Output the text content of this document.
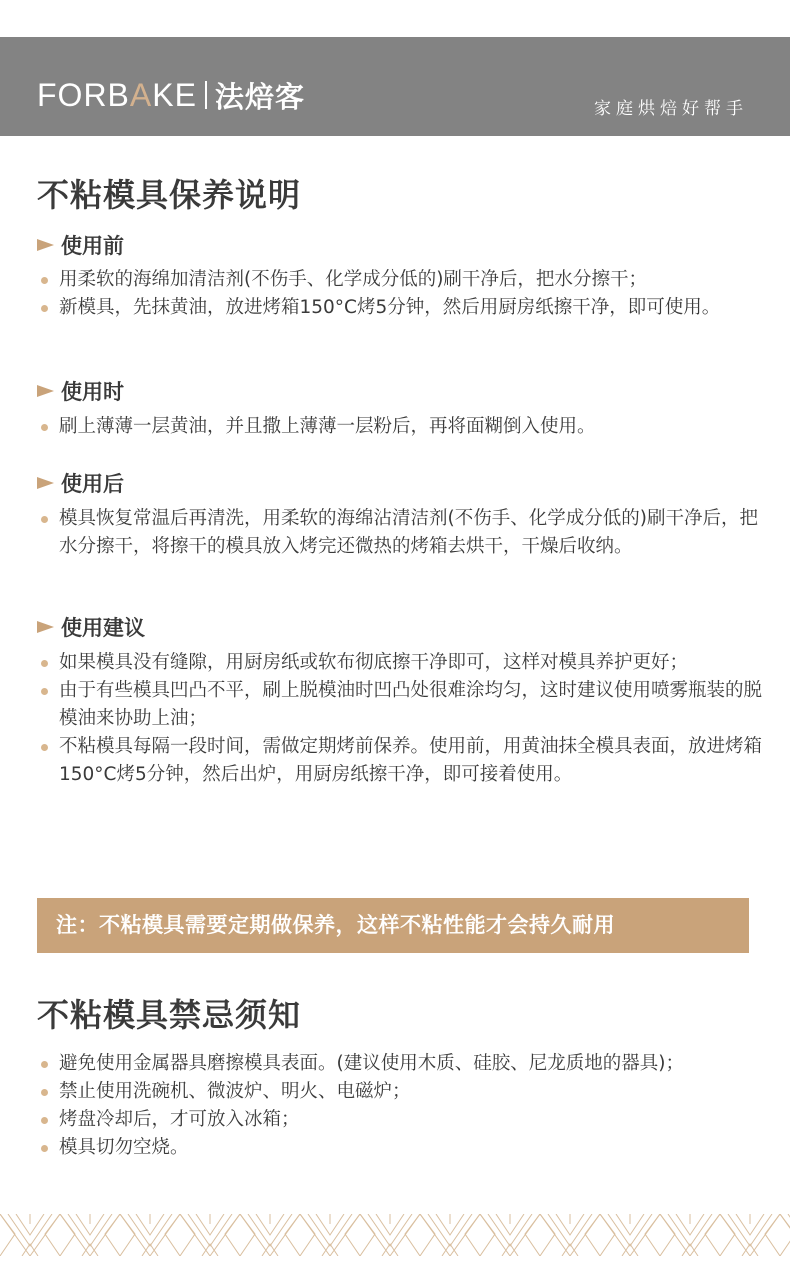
FORBAKE 法焙客	家庭烘焙好帮手
不粘模具保养说明
使用前
用柔软的海绵加清洁剂(不伤手、化学成分低的)刷干净后，把水分擦干；
新模具，先抹黄油，放进烤箱150°C烤5分钟，然后用厨房纸擦干净，即可使用。
使用时
刷上薄薄一层黄油，并且撒上薄薄一层粉后，再将面糊倒入使用。
使用后
模具恢复常温后再清洗，用柔软的海绵沾清洁剂(不伤手、化学成分低的)刷干净后，把水分擦干，将擦干的模具放入烤完还微热的烤箱去烘干，干燥后收纳。
使用建议
如果模具没有缝隙，用厨房纸或软布彻底擦干净即可，这样对模具养护更好；
由于有些模具凹凸不平，刷上脱模油时凹凸处很难涂均匀，这时建议使用喷雾瓶装的脱模油来协助上油；
不粘模具每隔一段时间，需做定期烤前保养。使用前，用黄油抹全模具表面，放进烤箱150°C烤5分钟，然后出炉，用厨房纸擦干净，即可接着使用。
注：不粘模具需要定期做保养，这样不粘性能才会持久耐用
不粘模具禁忌须知
避免使用金属器具磨擦模具表面。(建议使用木质、硅胶、尼龙质地的器具)；
禁止使用洗碗机、微波炉、明火、电磁炉；
烤盘冷却后，才可放入冰箱；
模具切勿空烧。
